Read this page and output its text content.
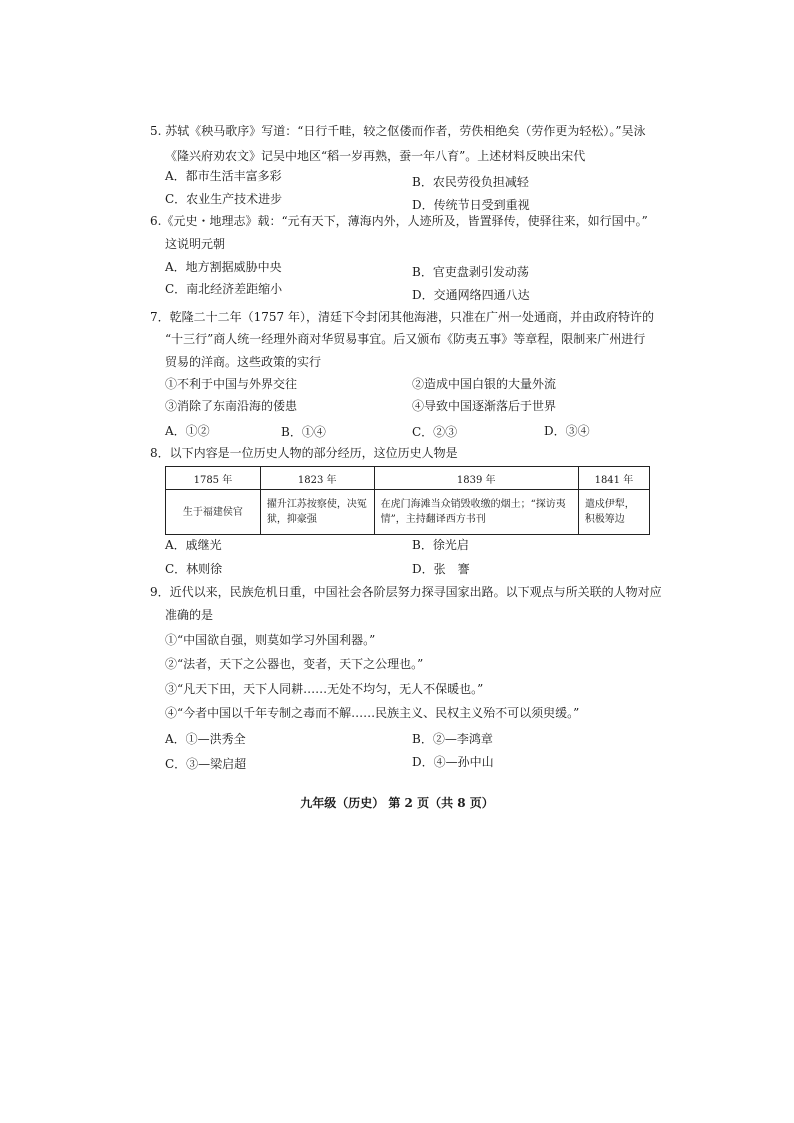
5. 苏轼《秧马歌序》写道：“日行千畦，较之伛偻而作者，劳佚相绝矣（劳作更为轻松）。”吴泳
《隆兴府劝农文》记吴中地区“稻一岁再熟，蚕一年八育”。上述材料反映出宋代
A．都市生活丰富多彩	B．农民劳役负担减轻
C．农业生产技术进步	D．传统节日受到重视
6.《元史・地理志》载：“元有天下，薄海内外，人迹所及，皆置驿传，使驿往来，如行国中。”
这说明元朝
A．地方割据威胁中央	B．官吏盘剥引发动荡
C．南北经济差距缩小	D．交通网络四通八达
7．乾隆二十二年（1757 年），清廷下令封闭其他海港，只准在广州一处通商，并由政府特许的
“十三行”商人统一经理外商对华贸易事宜。后又颁布《防夷五事》等章程，限制来广州进行
贸易的洋商。这些政策的实行
①不利于中国与外界交往	②造成中国白银的大量外流
③消除了东南沿海的倭患	④导致中国逐渐落后于世界
A．①②	B．①④	C．②③	D．③④
8．以下内容是一位历史人物的部分经历，这位历史人物是
1785 年	1823 年	1839 年	1841 年
生于福建侯官	擢升江苏按察使，决冤狱，抑豪强	在虎门海滩当众销毁收缴的烟土；“探访夷情”，主持翻译西方书刊	遣戍伊犁，积极筹边
A．戚继光	B．徐光启
C．林则徐	D．张　謇
9．近代以来，民族危机日重，中国社会各阶层努力探寻国家出路。以下观点与所关联的人物对应
准确的是
①“中国欲自强，则莫如学习外国利器。”
②“法者，天下之公器也，变者，天下之公理也。”
③“凡天下田，天下人同耕……无处不均匀，无人不保暖也。”
④“今者中国以千年专制之毒而不解……民族主义、民权主义殆不可以须臾缓。”
A．①—洪秀全	B．②—李鸿章
C．③—梁启超	D．④—孙中山
九年级（历史） 第 2 页（共 8 页）
